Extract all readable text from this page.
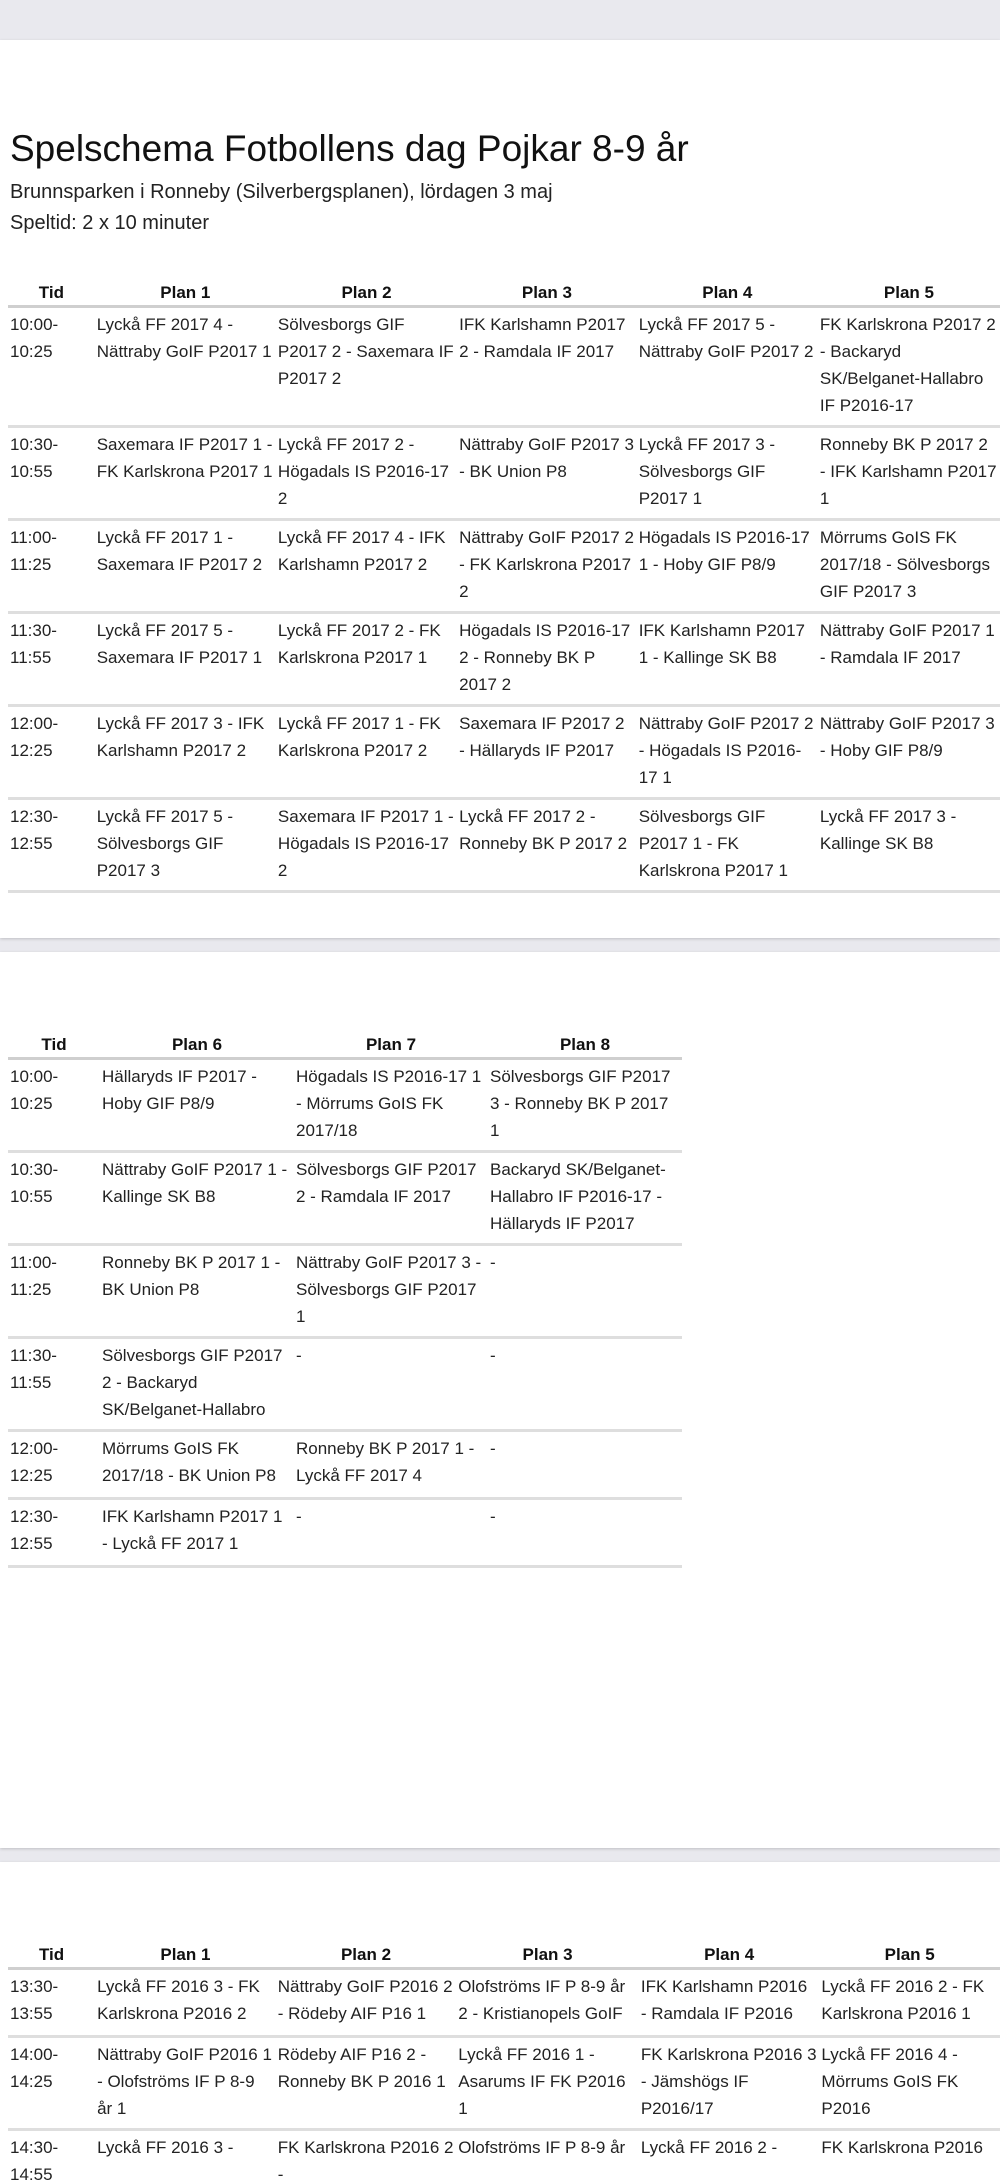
Spelschema Fotbollens dag Pojkar 8-9 år
Brunnsparken i Ronneby (Silverbergsplanen), lördagen 3 maj
Speltid: 2 x 10 minuter
Tid	Plan 1	Plan 2	Plan 3	Plan 4	Plan 5
10:00-10:25	Lyckå FF 2017 4 - Nättraby GoIF P2017 1	Sölvesborgs GIF P2017 2 - Saxemara IF P2017 2	IFK Karlshamn P2017 2 - Ramdala IF 2017	Lyckå FF 2017 5 - Nättraby GoIF P2017 2	FK Karlskrona P2017 2 - Backaryd SK/Belganet-Hallabro IF P2016-17
10:30-10:55	Saxemara IF P2017 1 - FK Karlskrona P2017 1	Lyckå FF 2017 2 - Högadals IS P2016-17 2	Nättraby GoIF P2017 3 - BK Union P8	Lyckå FF 2017 3 - Sölvesborgs GIF P2017 1	Ronneby BK P 2017 2 - IFK Karlshamn P2017 1
11:00-11:25	Lyckå FF 2017 1 - Saxemara IF P2017 2	Lyckå FF 2017 4 - IFK Karlshamn P2017 2	Nättraby GoIF P2017 2 - FK Karlskrona P2017 2	Högadals IS P2016-17 1 - Hoby GIF P8/9	Mörrums GoIS FK 2017/18 - Sölvesborgs GIF P2017 3
11:30-11:55	Lyckå FF 2017 5 - Saxemara IF P2017 1	Lyckå FF 2017 2 - FK Karlskrona P2017 1	Högadals IS P2016-17 2 - Ronneby BK P 2017 2	IFK Karlshamn P2017 1 - Kallinge SK B8	Nättraby GoIF P2017 1 - Ramdala IF 2017
12:00-12:25	Lyckå FF 2017 3 - IFK Karlshamn P2017 2	Lyckå FF 2017 1 - FK Karlskrona P2017 2	Saxemara IF P2017 2 - Hällaryds IF P2017	Nättraby GoIF P2017 2 - Högadals IS P2016-17 1	Nättraby GoIF P2017 3 - Hoby GIF P8/9
12:30-12:55	Lyckå FF 2017 5 - Sölvesborgs GIF P2017 3	Saxemara IF P2017 1 - Högadals IS P2016-17 2	Lyckå FF 2017 2 - Ronneby BK P 2017 2	Sölvesborgs GIF P2017 1 - FK Karlskrona P2017 1	Lyckå FF 2017 3 - Kallinge SK B8
Tid	Plan 6	Plan 7	Plan 8
10:00-10:25	Hällaryds IF P2017 - Hoby GIF P8/9	Högadals IS P2016-17 1 - Mörrums GoIS FK 2017/18	Sölvesborgs GIF P2017 3 - Ronneby BK P 2017 1
10:30-10:55	Nättraby GoIF P2017 1 - Kallinge SK B8	Sölvesborgs GIF P2017 2 - Ramdala IF 2017	Backaryd SK/Belganet-Hallabro IF P2016-17 - Hällaryds IF P2017
11:00-11:25	Ronneby BK P 2017 1 - BK Union P8	Nättraby GoIF P2017 3 - Sölvesborgs GIF P2017 1	-
11:30-11:55	Sölvesborgs GIF P2017 2 - Backaryd SK/Belganet-Hallabro	-	-
12:00-12:25	Mörrums GoIS FK 2017/18 - BK Union P8	Ronneby BK P 2017 1 - Lyckå FF 2017 4	-
12:30-12:55	IFK Karlshamn P2017 1 - Lyckå FF 2017 1	-	-
Tid	Plan 1	Plan 2	Plan 3	Plan 4	Plan 5
13:30-13:55	Lyckå FF 2016 3 - FK Karlskrona P2016 2	Nättraby GoIF P2016 2 - Rödeby AIF P16 1	Olofströms IF P 8-9 år 2 - Kristianopels GoIF	IFK Karlshamn P2016 - Ramdala IF P2016	Lyckå FF 2016 2 - FK Karlskrona P2016 1
14:00-14:25	Nättraby GoIF P2016 1 - Olofströms IF P 8-9 år 1	Rödeby AIF P16 2 - Ronneby BK P 2016 1	Lyckå FF 2016 1 - Asarums IF FK P2016 1	FK Karlskrona P2016 3 - Jämshögs IF P2016/17	Lyckå FF 2016 4 - Mörrums GoIS FK P2016
14:30-14:55	Lyckå FF 2016 3 -	FK Karlskrona P2016 2 -	Olofströms IF P 8-9 år	Lyckå FF 2016 2 -	FK Karlskrona P2016
